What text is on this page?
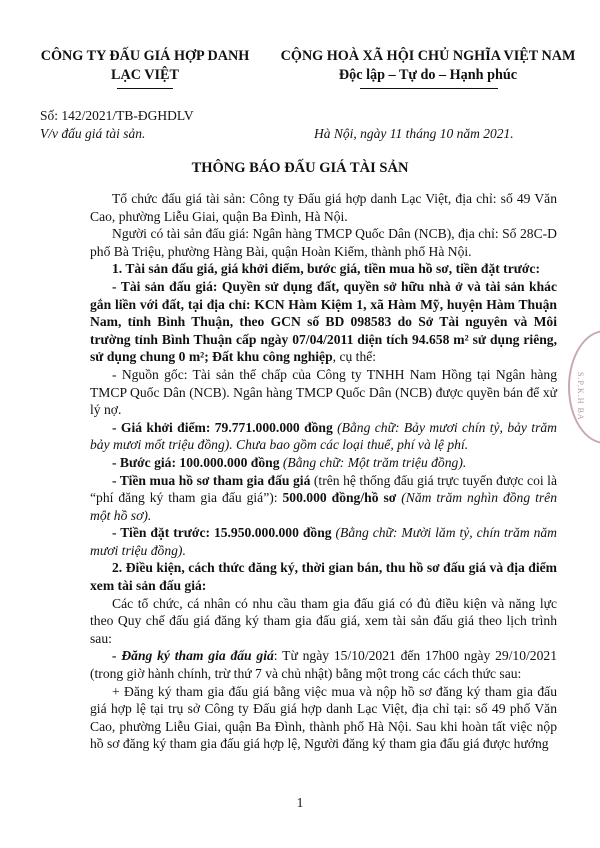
CÔNG TY ĐẤU GIÁ HỢP DANH
LẠC VIỆT
CỘNG HOÀ XÃ HỘI CHỦ NGHĨA VIỆT NAM
Độc lập – Tự do – Hạnh phúc
Số: 142/2021/TB-ĐGHDLV
V/v đấu giá tài sản.	Hà Nội, ngày 11 tháng 10 năm 2021.
THÔNG BÁO ĐẤU GIÁ TÀI SẢN

Tổ chức đấu giá tài sản: Công ty Đấu giá hợp danh Lạc Việt, địa chỉ: số 49 Văn Cao, phường Liễu Giai, quận Ba Đình, Hà Nội.

Người có tài sản đấu giá: Ngân hàng TMCP Quốc Dân (NCB), địa chỉ: Số 28C-D phố Bà Triệu, phường Hàng Bài, quận Hoàn Kiếm, thành phố Hà Nội.

1. Tài sản đấu giá, giá khởi điểm, bước giá, tiền mua hồ sơ, tiền đặt trước:

- Tài sản đấu giá: Quyền sử dụng đất, quyền sở hữu nhà ở và tài sản khác gắn liền với đất, tại địa chỉ: KCN Hàm Kiệm 1, xã Hàm Mỹ, huyện Hàm Thuận Nam, tỉnh Bình Thuận, theo GCN số BD 098583 do Sở Tài nguyên và Môi trường tỉnh Bình Thuận cấp ngày 07/04/2011 diện tích 94.658 m² sử dụng riêng, sử dụng chung 0 m²; Đất khu công nghiệp, cụ thể:

- Nguồn gốc: Tài sản thế chấp của Công ty TNHH Nam Hồng tại Ngân hàng TMCP Quốc Dân (NCB). Ngân hàng TMCP Quốc Dân (NCB) được quyền bán để xử lý nợ.

- Giá khởi điểm: 79.771.000.000 đồng (Bằng chữ: Bảy mươi chín tỷ, bảy trăm bảy mươi mốt triệu đồng). Chưa bao gồm các loại thuế, phí và lệ phí.

- Bước giá: 100.000.000 đồng (Bằng chữ: Một trăm triệu đồng).

- Tiền mua hồ sơ tham gia đấu giá (trên hệ thống đấu giá trực tuyến được coi là “phí đăng ký tham gia đấu giá”): 500.000 đồng/hồ sơ (Năm trăm nghìn đồng trên một hồ sơ).

- Tiền đặt trước: 15.950.000.000 đồng (Bằng chữ: Mười lăm tỷ, chín trăm năm mươi triệu đồng).

2. Điều kiện, cách thức đăng ký, thời gian bán, thu hồ sơ đấu giá và địa điểm xem tài sản đấu giá:

Các tổ chức, cá nhân có nhu cầu tham gia đấu giá có đủ điều kiện và năng lực theo Quy chế đấu giá đăng ký tham gia đấu giá, xem tài sản đấu giá theo lịch trình sau:

- Đăng ký tham gia đấu giá: Từ ngày 15/10/2021 đến 17h00 ngày 29/10/2021 (trong giờ hành chính, trừ thứ 7 và chủ nhật) bằng một trong các cách thức sau:

+ Đăng ký tham gia đấu giá bằng việc mua và nộp hồ sơ đăng ký tham gia đấu giá hợp lệ tại trụ sở Công ty Đấu giá hợp danh Lạc Việt, địa chỉ tại: số 49 phố Văn Cao, phường Liễu Giai, quận Ba Đình, thành phố Hà Nội. Sau khi hoàn tất việc nộp hồ sơ đăng ký tham gia đấu giá hợp lệ, Người đăng ký tham gia đấu giá được hướng

S.P.K.H BA
1
